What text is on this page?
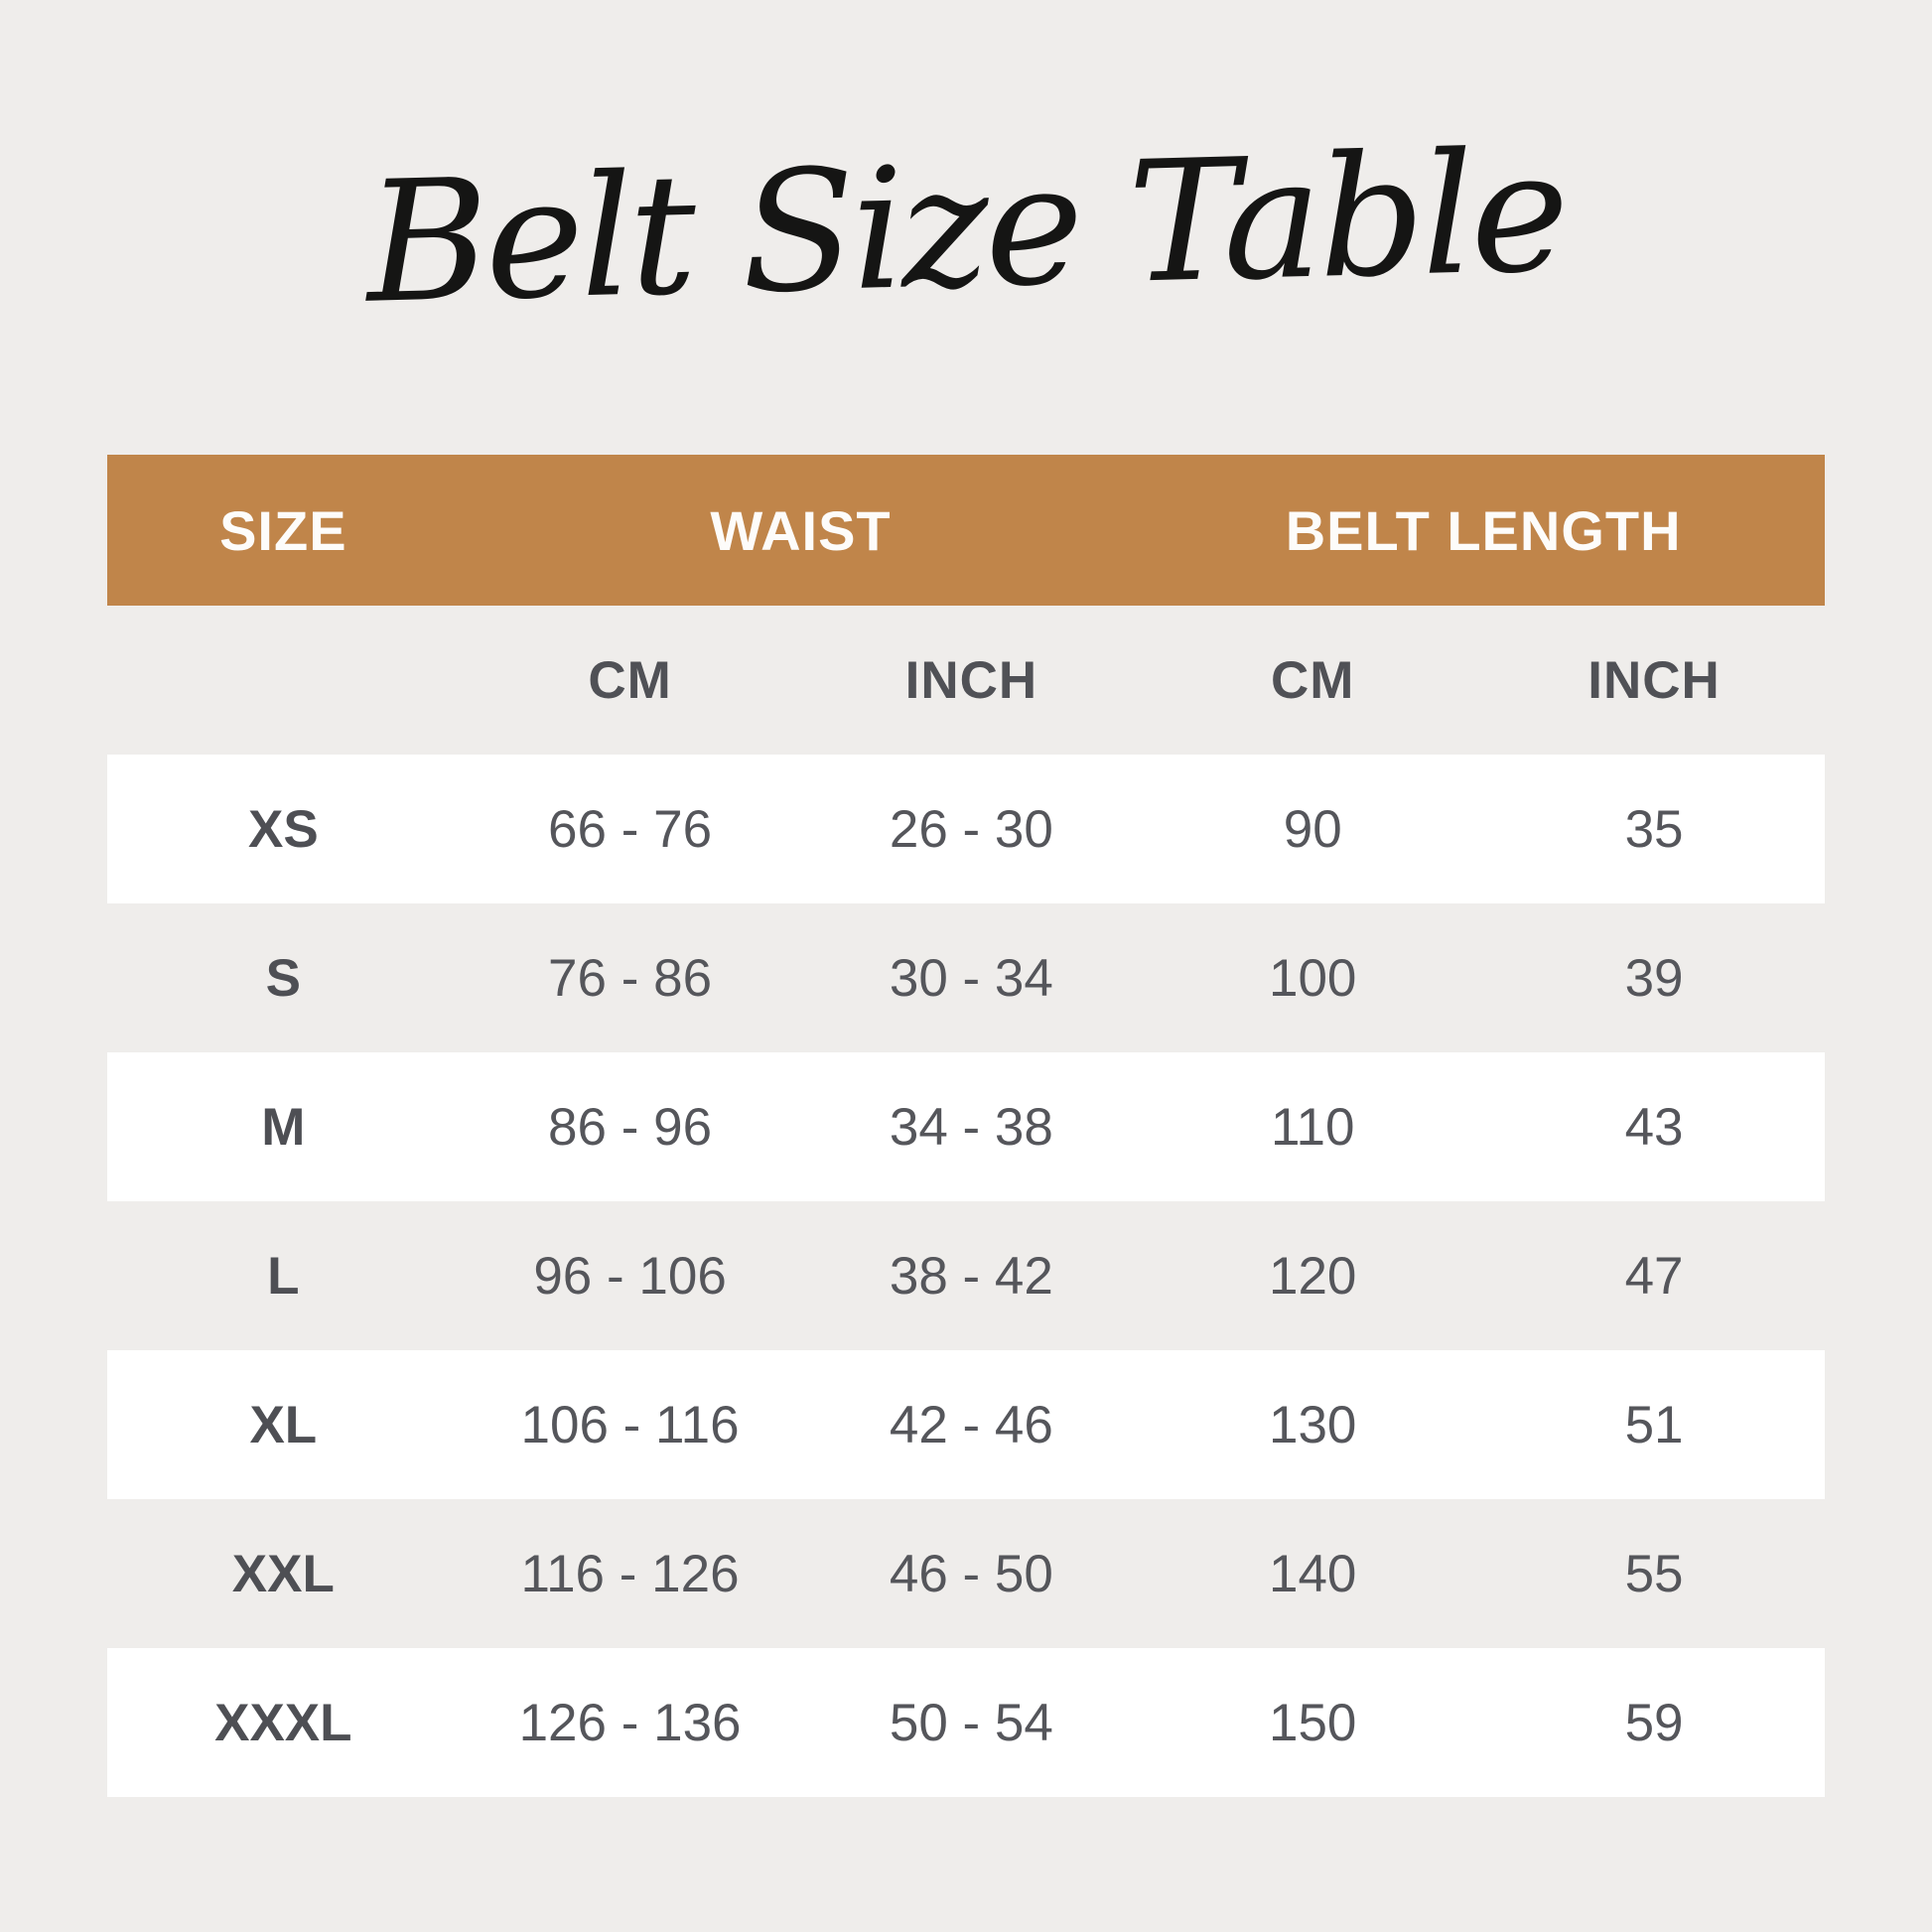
Belt Size Table
SIZE	WAIST	BELT LENGTH
CM	INCH	CM	INCH
XS	66 - 76	26 - 30	90	35
S	76 - 86	30 - 34	100	39
M	86 - 96	34 - 38	110	43
L	96 - 106	38 - 42	120	47
XL	106 - 116	42 - 46	130	51
XXL	116 - 126	46 - 50	140	55
XXXL	126 - 136	50 - 54	150	59
